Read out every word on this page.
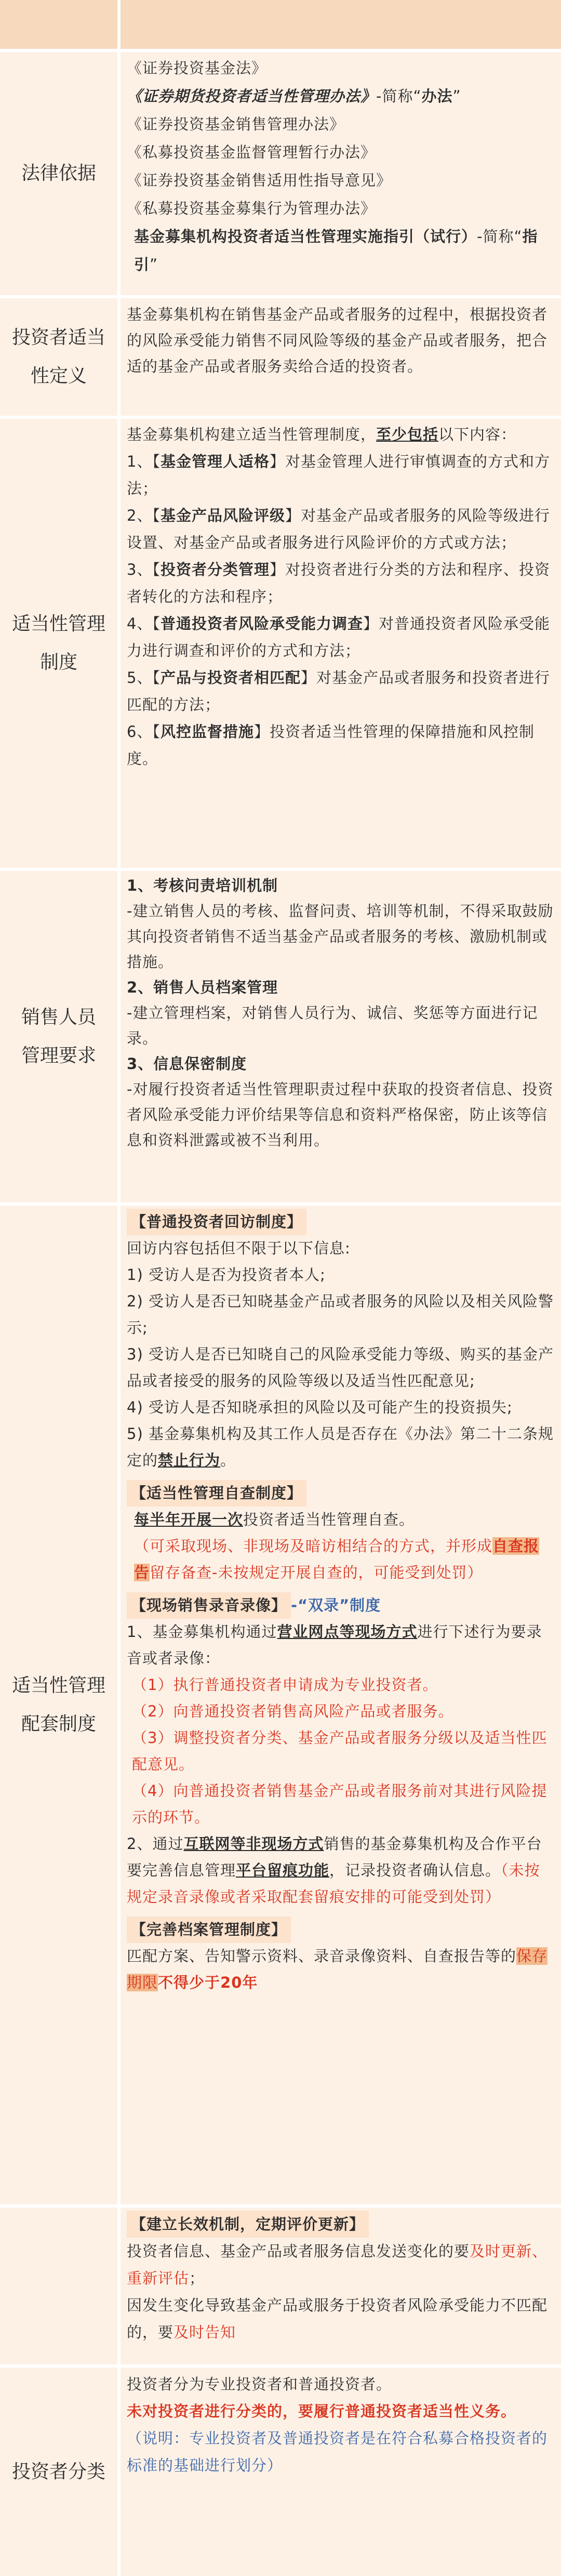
法律依据
《证券投资基金法》
《证券期货投资者适当性管理办法》-简称“办法”
《证券投资基金销售管理办法》
《私募投资基金监督管理暂行办法》
《证券投资基金销售适用性指导意见》
《私募投资基金募集行为管理办法》
基金募集机构投资者适当性管理实施指引（试行）-简称“指引”
投资者适当
性定义
基金募集机构在销售基金产品或者服务的过程中，根据投资者的风险承受能力销售不同风险等级的基金产品或者服务，把合适的基金产品或者服务卖给合适的投资者。
适当性管理
制度
基金募集机构建立适当性管理制度，至少包括以下内容：
1、【基金管理人适格】对基金管理人进行审慎调查的方式和方法；
2、【基金产品风险评级】对基金产品或者服务的风险等级进行设置、对基金产品或者服务进行风险评价的方式或方法；
3、【投资者分类管理】对投资者进行分类的方法和程序、投资者转化的方法和程序；
4、【普通投资者风险承受能力调查】对普通投资者风险承受能力进行调查和评价的方式和方法；
5、【产品与投资者相匹配】对基金产品或者服务和投资者进行匹配的方法；
6、【风控监督措施】投资者适当性管理的保障措施和风控制度。
销售人员
管理要求
1、考核问责培训机制
-建立销售人员的考核、监督问责、培训等机制，不得采取鼓励其向投资者销售不适当基金产品或者服务的考核、激励机制或措施。
2、销售人员档案管理
-建立管理档案，对销售人员行为、诚信、奖惩等方面进行记录。
3、信息保密制度
-对履行投资者适当性管理职责过程中获取的投资者信息、投资者风险承受能力评价结果等信息和资料严格保密，防止该等信息和资料泄露或被不当利用。
适当性管理
配套制度
【普通投资者回访制度】
回访内容包括但不限于以下信息:
1) 受访人是否为投资者本人;
2) 受访人是否已知晓基金产品或者服务的风险以及相关风险警示;
3) 受访人是否已知晓自己的风险承受能力等级、购买的基金产品或者接受的服务的风险等级以及适当性匹配意见;
4) 受访人是否知晓承担的风险以及可能产生的投资损失;
5) 基金募集机构及其工作人员是否存在《办法》第二十二条规定的禁止行为。
【适当性管理自查制度】
每半年开展一次投资者适当性管理自查。
（可采取现场、非现场及暗访相结合的方式，并形成自查报告留存备查-未按规定开展自查的，可能受到处罚）
【现场销售录音录像】 -“双录”制度
1、基金募集机构通过营业网点等现场方式进行下述行为要录音或者录像：
（1）执行普通投资者申请成为专业投资者。
（2）向普通投资者销售高风险产品或者服务。
（3）调整投资者分类、基金产品或者服务分级以及适当性匹配意见。
（4）向普通投资者销售基金产品或者服务前对其进行风险提示的环节。
2、通过互联网等非现场方式销售的基金募集机构及合作平台要完善信息管理平台留痕功能，记录投资者确认信息。（未按规定录音录像或者采取配套留痕安排的可能受到处罚）
【完善档案管理制度】
匹配方案、告知警示资料、录音录像资料、自查报告等的保存期限不得少于20年
【建立长效机制，定期评价更新】
投资者信息、基金产品或者服务信息发送变化的要及时更新、重新评估；
因发生变化导致基金产品或服务于投资者风险承受能力不匹配的，要及时告知
投资者分类
投资者分为专业投资者和普通投资者。
未对投资者进行分类的，要履行普通投资者适当性义务。
（说明：专业投资者及普通投资者是在符合私募合格投资者的标准的基础进行划分）
